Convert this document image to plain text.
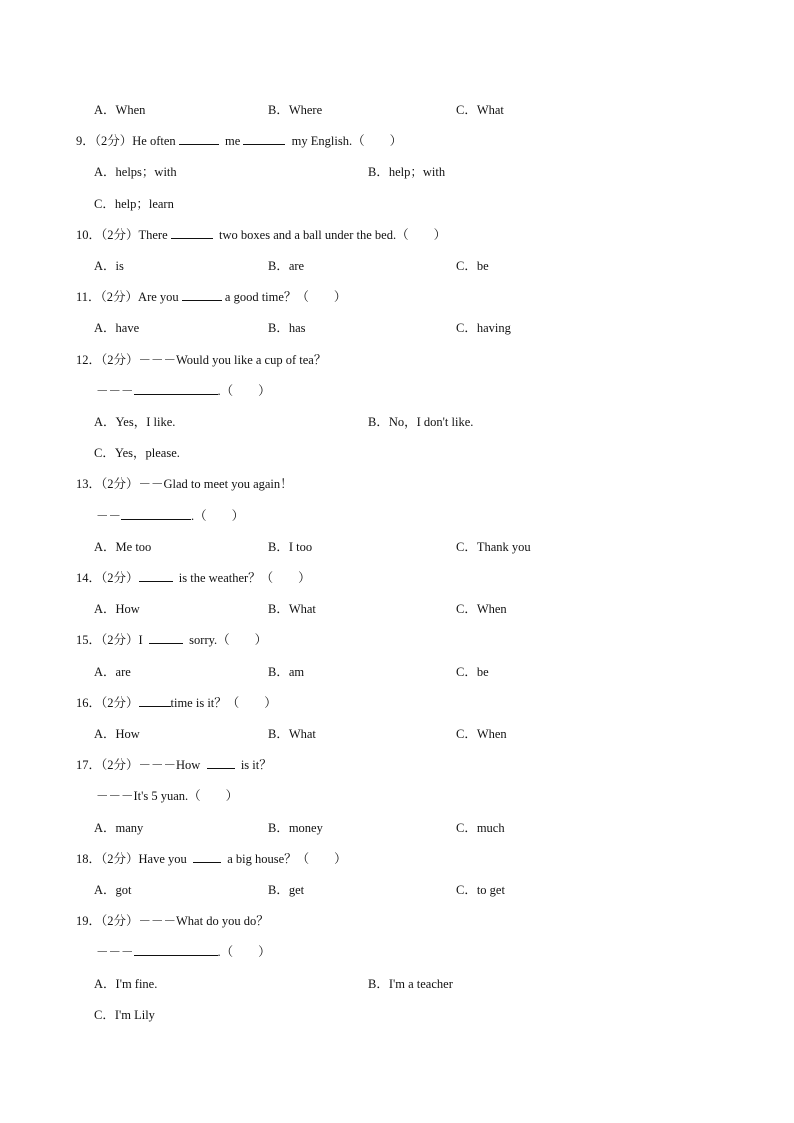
A．When	B．Where	C．What
9．（2分）He often	me	my English.（　　）
A．helps；with	B．help；with
C．help；learn
10．（2分）There	two boxes and a ball under the bed.（　　）
A．is	B．are	C．be
11．（2分）Are you	a good time？（　　）
A．have	B．has	C．having
12．（2分）－－－Would you like a cup of tea？
－－－	.（　　）
A．Yes，I like.	B．No，I don't like.
C．Yes，please.
13．（2分）－－Glad to meet you again！
－－	.（　　）
A．Me too	B．I too	C．Thank you
14．（2分）	is the weather？（　　）
A．How	B．What	C．When
15．（2分）I	sorry.（　　）
A．are	B．am	C．be
16．（2分）	time is it？（　　）
A．How	B．What	C．When
17．（2分）－－－How    is it？
－－－It's 5 yuan.（　　）
A．many	B．money	C．much
18．（2分）Have you    a big house？（　　）
A．got	B．get	C．to get
19．（2分）－－－What do you do？
－－－	.（　　）
A．I'm fine.	B．I'm a teacher
C．I'm Lily
